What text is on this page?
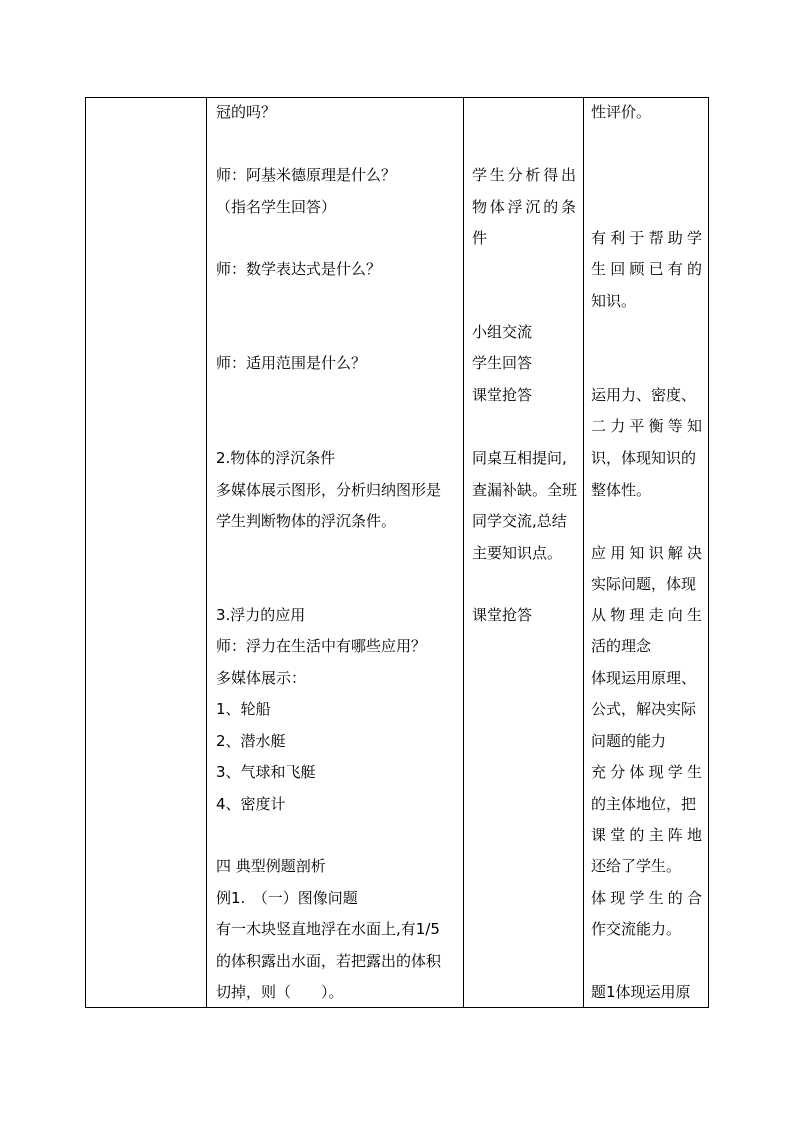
冠的吗？
师：阿基米德原理是什么？
（指名学生回答）
师：数学表达式是什么？
师：适用范围是什么？
2.物体的浮沉条件
多媒体展示图形，分析归纳图形是
学生判断物体的浮沉条件。
3.浮力的应用
师：浮力在生活中有哪些应用？
多媒体展示：
1、轮船
2、潜水艇
3、气球和飞艇
4、密度计
四 典型例题剖析
例1.　（一）图像问题
有一木块竖直地浮在水面上,有1/5
的体积露出水面，若把露出的体积
切掉，则（　　）。
学生分析得出
物体浮沉的条
件
小组交流
学生回答
课堂抢答
同桌互相提问,
查漏补缺。全班
同学交流,总结
主要知识点。
课堂抢答
性评价。
有利于帮助学
生回顾已有的
知识。
运用力、密度、
二力平衡等知
识，体现知识的
整体性。
应用知识解决
实际问题，体现
从物理走向生
活的理念
体现运用原理、
公式，解决实际
问题的能力
充分体现学生
的主体地位，把
课堂的主阵地
还给了学生。
体现学生的合
作交流能力。
题1体现运用原
